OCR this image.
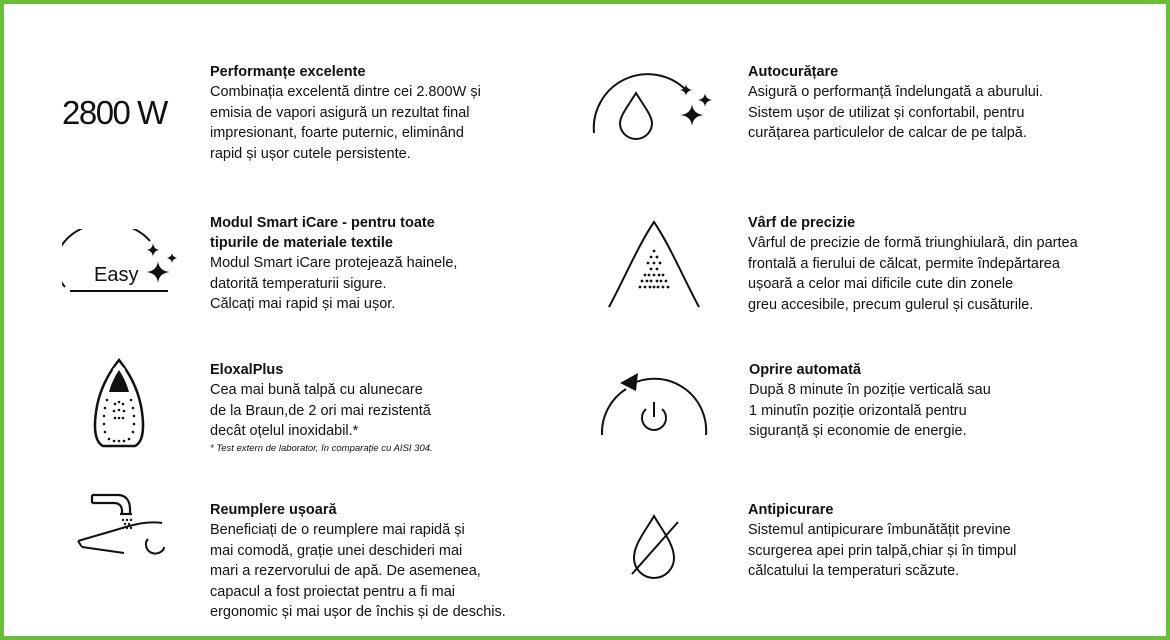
2800 W
Easy
Performanțe excelente
Combinația excelentă dintre cei 2.800W și
emisia de vapori asigură un rezultat final
impresionant, foarte puternic, eliminând
rapid și ușor cutele persistente.
Autocurățare
Asigură o performanță îndelungată a aburului.
Sistem ușor de utilizat și confortabil, pentru
curățarea particulelor de calcar de pe talpă.
Modul Smart iCare - pentru toate
tipurile de materiale textile
Modul Smart iCare protejează hainele,
datorită temperaturii sigure.
Călcați mai rapid și mai ușor.
Vârf de precizie
Vârful de precizie de formă triunghiulară, din partea
frontală a fierului de călcat, permite îndepărtarea
ușoară a celor mai dificile cute din zonele
greu accesibile, precum gulerul și cusăturile.
EloxalPlus
Cea mai bună talpă cu alunecare
de la Braun,de 2 ori mai rezistentă
decât oțelul inoxidabil.*
* Test extern de laborator, în comparație cu AISI 304.
Oprire automată
După 8 minute în poziție verticală sau
1 minutîn poziție orizontală pentru
siguranță și economie de energie.
Reumplere ușoară
Beneficiați de o reumplere mai rapidă și
mai comodă, grație unei deschideri mai
mari a rezervorului de apă. De asemenea,
capacul a fost proiectat pentru a fi mai
ergonomic și mai ușor de închis și de deschis.
Antipicurare
Sistemul antipicurare îmbunătățit previne
scurgerea apei prin talpă,chiar și în timpul
călcatului la temperaturi scăzute.
